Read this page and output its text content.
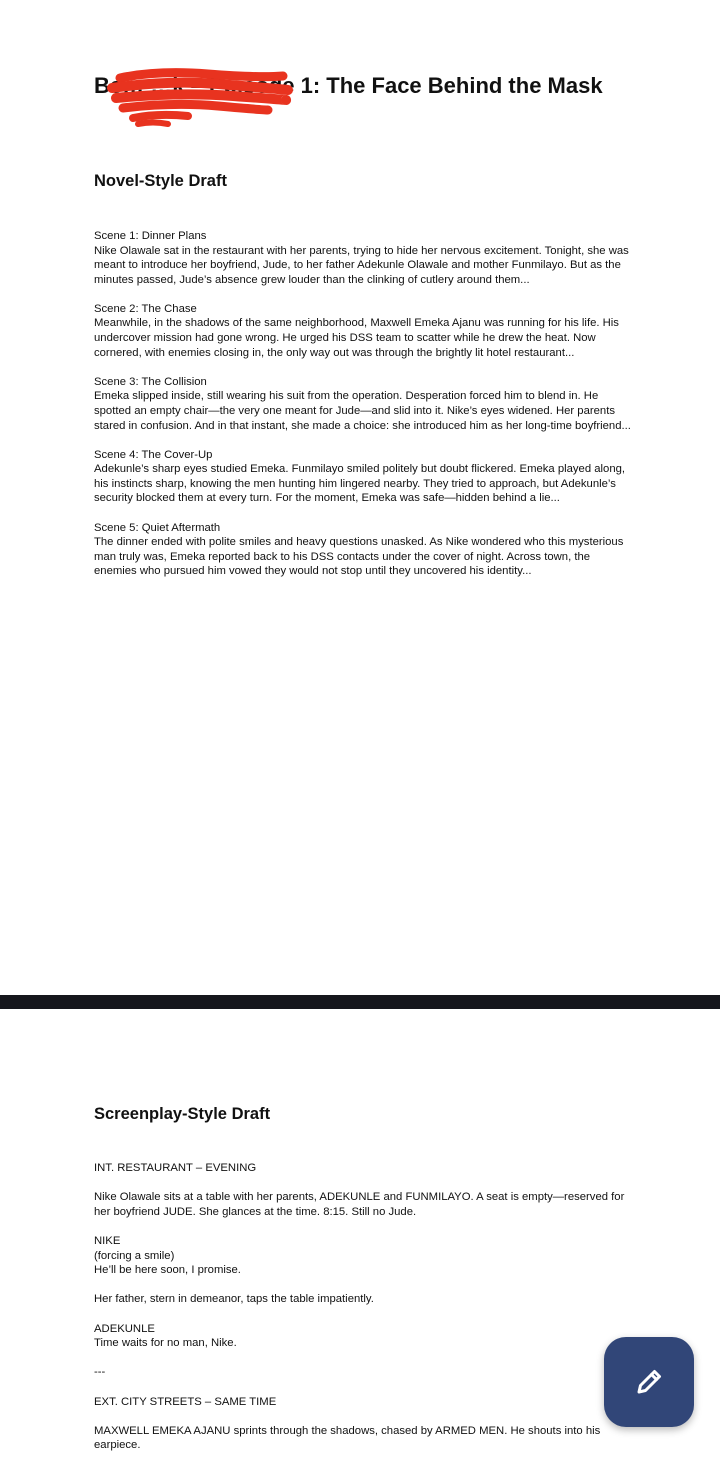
Be… …k – Episode 1: The Face Behind the Mask
Novel-Style Draft

Scene 1: Dinner Plans

Nike Olawale sat in the restaurant with her parents, trying to hide her nervous excitement. Tonight, she was meant to introduce her boyfriend, Jude, to her father Adekunle Olawale and mother Funmilayo. But as the minutes passed, Jude’s absence grew louder than the clinking of cutlery around them...

Scene 2: The Chase

Meanwhile, in the shadows of the same neighborhood, Maxwell Emeka Ajanu was running for his life. His undercover mission had gone wrong. He urged his DSS team to scatter while he drew the heat. Now cornered, with enemies closing in, the only way out was through the brightly lit hotel restaurant...

Scene 3: The Collision

Emeka slipped inside, still wearing his suit from the operation. Desperation forced him to blend in. He spotted an empty chair—the very one meant for Jude—and slid into it. Nike’s eyes widened. Her parents stared in confusion. And in that instant, she made a choice: she introduced him as her long-time boyfriend...

Scene 4: The Cover-Up

Adekunle’s sharp eyes studied Emeka. Funmilayo smiled politely but doubt flickered. Emeka played along, his instincts sharp, knowing the men hunting him lingered nearby. They tried to approach, but Adekunle’s security blocked them at every turn. For the moment, Emeka was safe—hidden behind a lie...

Scene 5: Quiet Aftermath

The dinner ended with polite smiles and heavy questions unasked. As Nike wondered who this mysterious man truly was, Emeka reported back to his DSS contacts under the cover of night. Across town, the enemies who pursued him vowed they would not stop until they uncovered his identity...

Screenplay-Style Draft

INT. RESTAURANT – EVENING

Nike Olawale sits at a table with her parents, ADEKUNLE and FUNMILAYO. A seat is empty—reserved for her boyfriend JUDE. She glances at the time. 8:15. Still no Jude.

NIKE
(forcing a smile)
He’ll be here soon, I promise.

Her father, stern in demeanor, taps the table impatiently.

ADEKUNLE
Time waits for no man, Nike.

---

EXT. CITY STREETS – SAME TIME

MAXWELL EMEKA AJANU sprints through the shadows, chased by ARMED MEN. He shouts into his earpiece.
